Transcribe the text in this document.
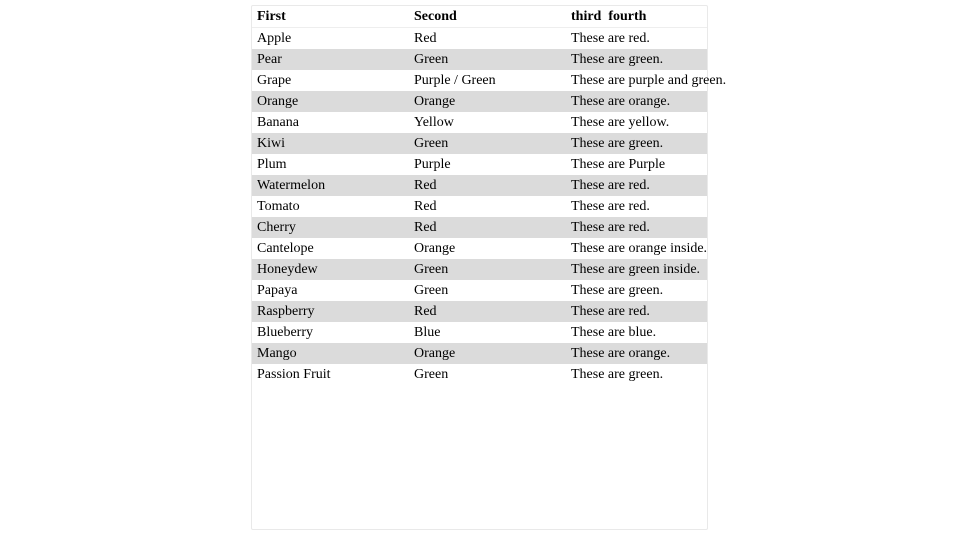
First	Second	third  fourth
Apple	Red	These are red.
Pear	Green	These are green.
Grape	Purple / Green	These are purple and green.
Orange	Orange	These are orange.
Banana	Yellow	These are yellow.
Kiwi	Green	These are green.
Plum	Purple	These are Purple
Watermelon	Red	These are red.
Tomato	Red	These are red.
Cherry	Red	These are red.
Cantelope	Orange	These are orange inside.
Honeydew	Green	These are green inside.
Papaya	Green	These are green.
Raspberry	Red	These are red.
Blueberry	Blue	These are blue.
Mango	Orange	These are orange.
Passion Fruit	Green	These are green.
